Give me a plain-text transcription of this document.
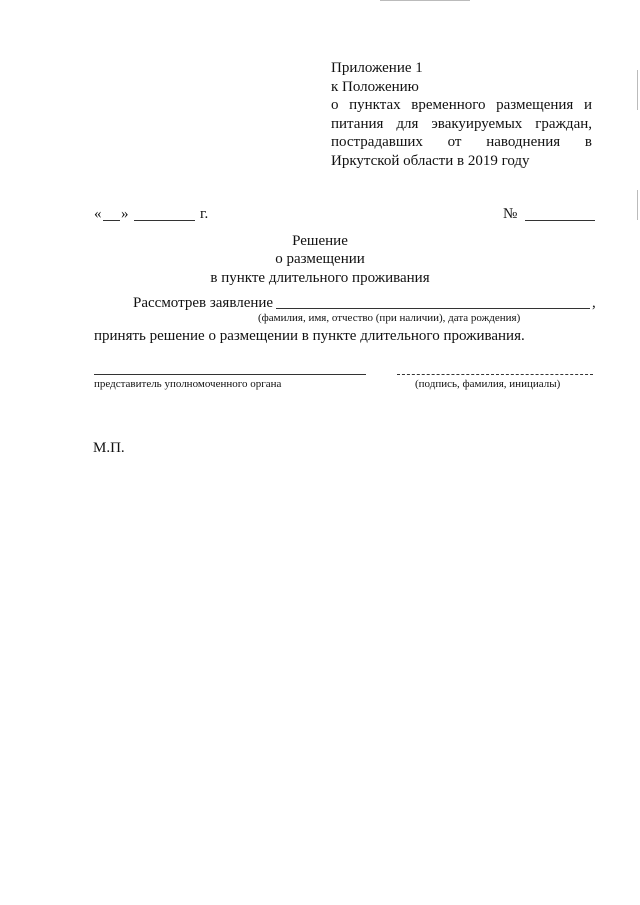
Приложение 1
к Положению
о пунктах временного размещения и
питания для эвакуируемых граждан,
пострадавших от наводнения в
Иркутской области в 2019 году
« »	г.	№
Решение
о размещении
в пункте длительного проживания
Рассмотрев заявление	,
(фамилия, имя, отчество (при наличии), дата рождения)
принять решение о размещении в пункте длительного проживания.
представитель уполномоченного органа	(подпись, фамилия, инициалы)
М.П.
